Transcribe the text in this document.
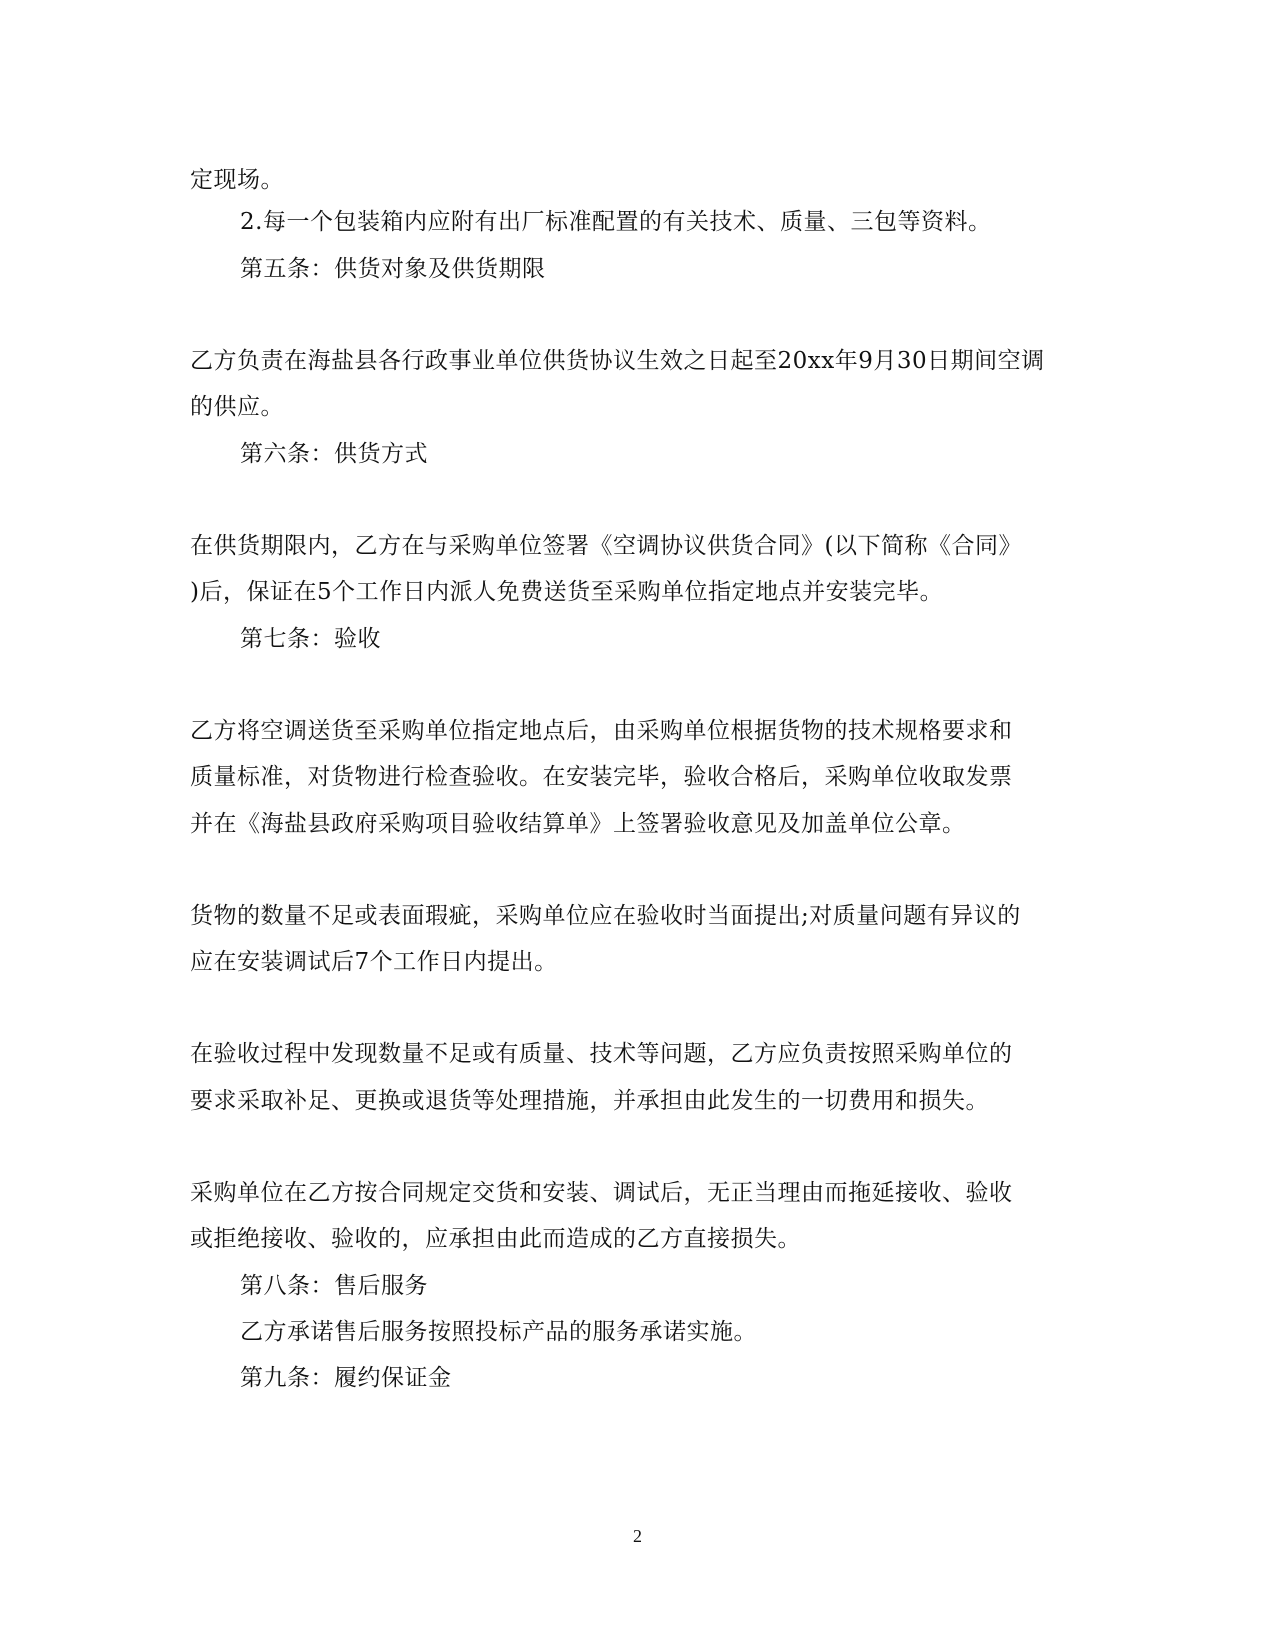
定现场。
2.每一个包装箱内应附有出厂标准配置的有关技术、质量、三包等资料。
第五条：供货对象及供货期限
乙方负责在海盐县各行政事业单位供货协议生效之日起至20xx年9月30日期间空调
的供应。
第六条：供货方式
在供货期限内，乙方在与采购单位签署《空调协议供货合同》(以下简称《合同》
)后，保证在5个工作日内派人免费送货至采购单位指定地点并安装完毕。
第七条：验收
乙方将空调送货至采购单位指定地点后，由采购单位根据货物的技术规格要求和
质量标准，对货物进行检查验收。在安装完毕，验收合格后，采购单位收取发票
并在《海盐县政府采购项目验收结算单》上签署验收意见及加盖单位公章。
货物的数量不足或表面瑕疵，采购单位应在验收时当面提出;对质量问题有异议的
应在安装调试后7个工作日内提出。
在验收过程中发现数量不足或有质量、技术等问题，乙方应负责按照采购单位的
要求采取补足、更换或退货等处理措施，并承担由此发生的一切费用和损失。
采购单位在乙方按合同规定交货和安装、调试后，无正当理由而拖延接收、验收
或拒绝接收、验收的，应承担由此而造成的乙方直接损失。
第八条：售后服务
乙方承诺售后服务按照投标产品的服务承诺实施。
第九条：履约保证金
2
